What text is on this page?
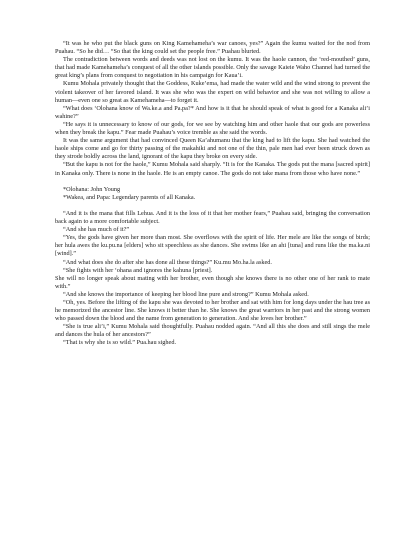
“It was he who put the black guns on King Kamehameha’s war canoes, yes?” Again the kumu waited for the nod from Puahau. “So he did… “So that the king could set the people free.” Puahau blurted.

The contradiction between words and deeds was not lost on the kumu. It was the haole cannon, the ‘red-mouthed’ guns, that had made Kamehameha’s conquest of all the other islands possible. Only the savage Kaieie Waho Channel had turned the great king’s plans from conquest to negotiation in his campaign for Kaua’i.

Kumu Mohala privately thought that the Goddess, Kuke’ema, had made the water wild and the wind strong to prevent the violent takeover of her favored island. It was she who was the expert on wild behavior and she was not willing to allow a human—even one so great as Kamehameha—to forget it.

“What does ‘Olohana know of Wa.ke.a and Pa.pa?* And how is it that he should speak of what is good for a Kanaka ali’i wahine?”

“He says it is unnecessary to know of our gods, for we see by watching him and other haole that our gods are powerless when they break the kapu.” Fear made Puahau’s voice tremble as she said the words.

It was the same argument that had convinced Queen Ka’ahumanu that the king had to lift the kapu. She had watched the haole ships come and go for thirty passing of the makahiki and not one of the thin, pale men had ever been struck down as they strode boldly across the land, ignorant of the kapu they broke on every side.

“But the kapu is not for the haole,” Kumu Mohala said sharply. “It is for the Kanaka. The gods put the mana [sacred spirit] in Kanaka only. There is none in the haole. He is an empty canoe. The gods do not take mana from those who have none.”

*Olohana: John Young

*Wakea, and Papa: Legendary parents of all Kanaka.

“And it is the mana that fills Lehua. And it is the loss of it that her mother fears,” Puahau said, bringing the conversation back again to a more comfortable subject.

“And she has much of it?”

“Yes, the gods have given her more than most. She overflows with the spirit of life. Her mele are like the songs of birds; her hula awes the ku.pu.na [elders] who sit speechless as she dances. She swims like an ahi [tuna] and runs like the ma.ka.ni [wind].”

“And what does she do after she has done all these things?” Ku.mu Mo.ha.la asked.

“She fights with her ‘ohana and ignores the kahuna [priest].

She will no longer speak about mating with her brother, even though she knows there is no other one of her rank to mate with.”

“And she knows the importance of keeping her blood line pure and strong?” Kumu Mohala asked.

“Oh, yes. Before the lifting of the kapu she was devoted to her brother and sat with him for long days under the hau tree as he memorized the ancestor line. She knows it better than he. She knows the great warriors in her past and the strong women who passed down the blood and the name from generation to generation. And she loves her brother.”

“She is true ali’i,” Kumu Mohala said thoughtfully. Puahau nodded again. “And all this she does and still sings the mele and dances the hula of her ancestors?”

“That is why she is so wild.” Pua.hau sighed.
